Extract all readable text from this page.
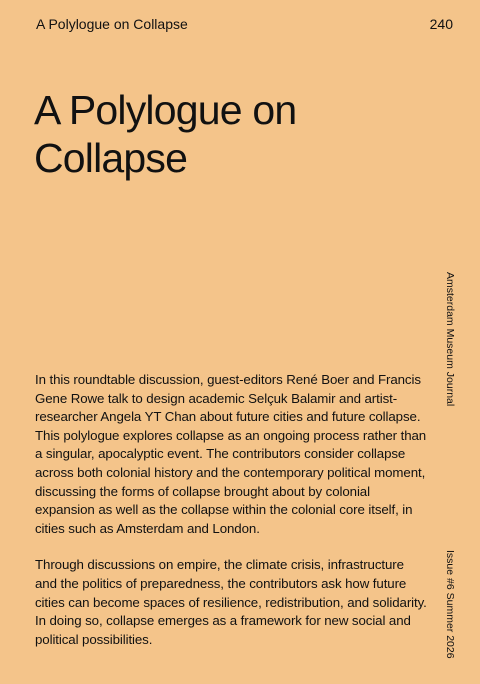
A Polylogue on Collapse	240
A Polylogue on
Collapse
Amsterdam Museum Journal
Issue #6 Summer 2026

In this roundtable discussion, guest-editors René Boer and Francis Gene Rowe talk to design academic Selçuk Balamir and artist-researcher Angela YT Chan about future cities and future collapse. This polylogue explores collapse as an ongoing process rather than a singular, apocalyptic event. The contributors consider collapse across both colonial history and the contemporary political moment, discussing the forms of collapse brought about by colonial expansion as well as the collapse within the colonial core itself, in cities such as Amsterdam and London.

Through discussions on empire, the climate crisis, infrastructure and the politics of preparedness, the contributors ask how future cities can become spaces of resilience, redistribution, and solidarity. In doing so, collapse emerges as a framework for new social and political possibilities.
